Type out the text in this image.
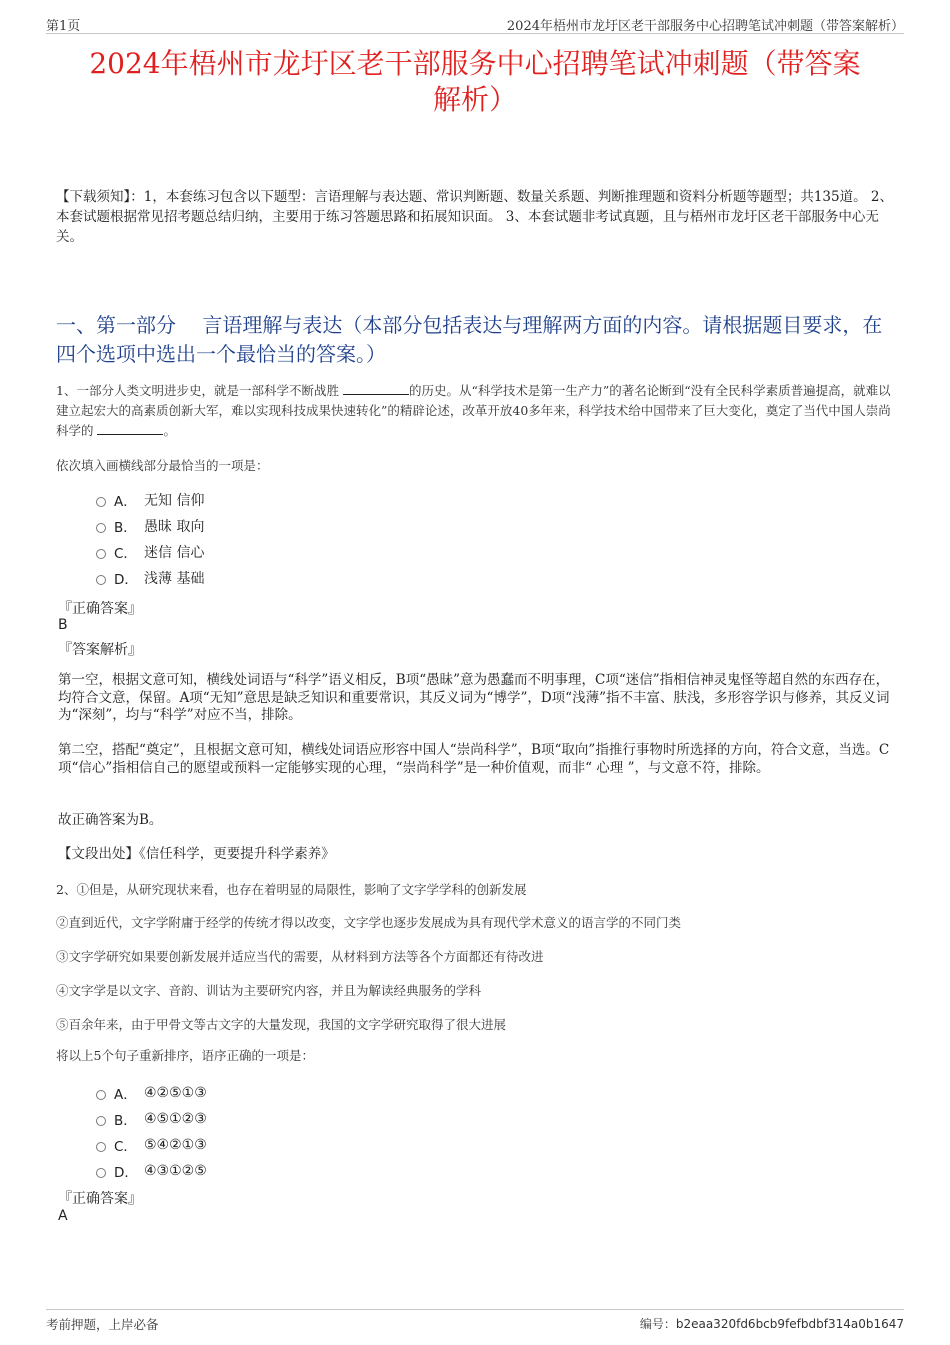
第1页	2024年梧州市龙圩区老干部服务中心招聘笔试冲刺题（带答案解析）
2024年梧州市龙圩区老干部服务中心招聘笔试冲刺题（带答案
解析）
【下载须知】：1，本套练习包含以下题型：言语理解与表达题、常识判断题、数量关系题、判断推理题和资料分析题等题型；共135道。 2、本套试题根据常见招考题总结归纳，主要用于练习答题思路和拓展知识面。 3、本套试题非考试真题，且与梧州市龙圩区老干部服务中心无关。
一、第一部分　 言语理解与表达（本部分包括表达与理解两方面的内容。请根据题目要求，在四个选项中选出一个最恰当的答案。）
1、一部分人类文明进步史，就是一部科学不断战胜	的历史。从“科学技术是第一生产力”的著名论断到“没有全民科学素质普遍提高，就难以建立起宏大的高素质创新大军，难以实现科技成果快速转化”的精辟论述，改革开放40多年来，科学技术给中国带来了巨大变化，奠定了当代中国人崇尚科学的	。
依次填入画横线部分最恰当的一项是：
A． 无知 信仰
B． 愚昧 取向
C． 迷信 信心
D． 浅薄 基础
『正确答案』
B
『答案解析』
第一空，根据文意可知，横线处词语与“科学”语义相反，B项“愚昧”意为愚蠢而不明事理，C项“迷信”指相信神灵鬼怪等超自然的东西存在，均符合文意，保留。A项“无知”意思是缺乏知识和重要常识，其反义词为“博学”，D项“浅薄”指不丰富、肤浅，多形容学识与修养，其反义词为“深刻”，均与“科学”对应不当，排除。
第二空，搭配“奠定”，且根据文意可知，横线处词语应形容中国人“崇尚科学”，B项“取向”指推行事物时所选择的方向，符合文意，当选。C项“信心”指相信自己的愿望或预料一定能够实现的心理，“崇尚科学”是一种价值观，而非“ 心理 ”，与文意不符，排除。
故正确答案为B。
【文段出处】《信任科学，更要提升科学素养》
2、①但是，从研究现状来看，也存在着明显的局限性，影响了文字学学科的创新发展
②直到近代，文字学附庸于经学的传统才得以改变，文字学也逐步发展成为具有现代学术意义的语言学的不同门类
③文字学研究如果要创新发展并适应当代的需要，从材料到方法等各个方面都还有待改进
④文字学是以文字、音韵、训诂为主要研究内容，并且为解读经典服务的学科
⑤百余年来，由于甲骨文等古文字的大量发现，我国的文字学研究取得了很大进展
将以上5个句子重新排序，语序正确的一项是：
A． ④②⑤①③
B． ④⑤①②③
C． ⑤④②①③
D． ④③①②⑤
『正确答案』
A
考前押题，上岸必备	编号：b2eaa320fd6bcb9fefbdbf314a0b1647
